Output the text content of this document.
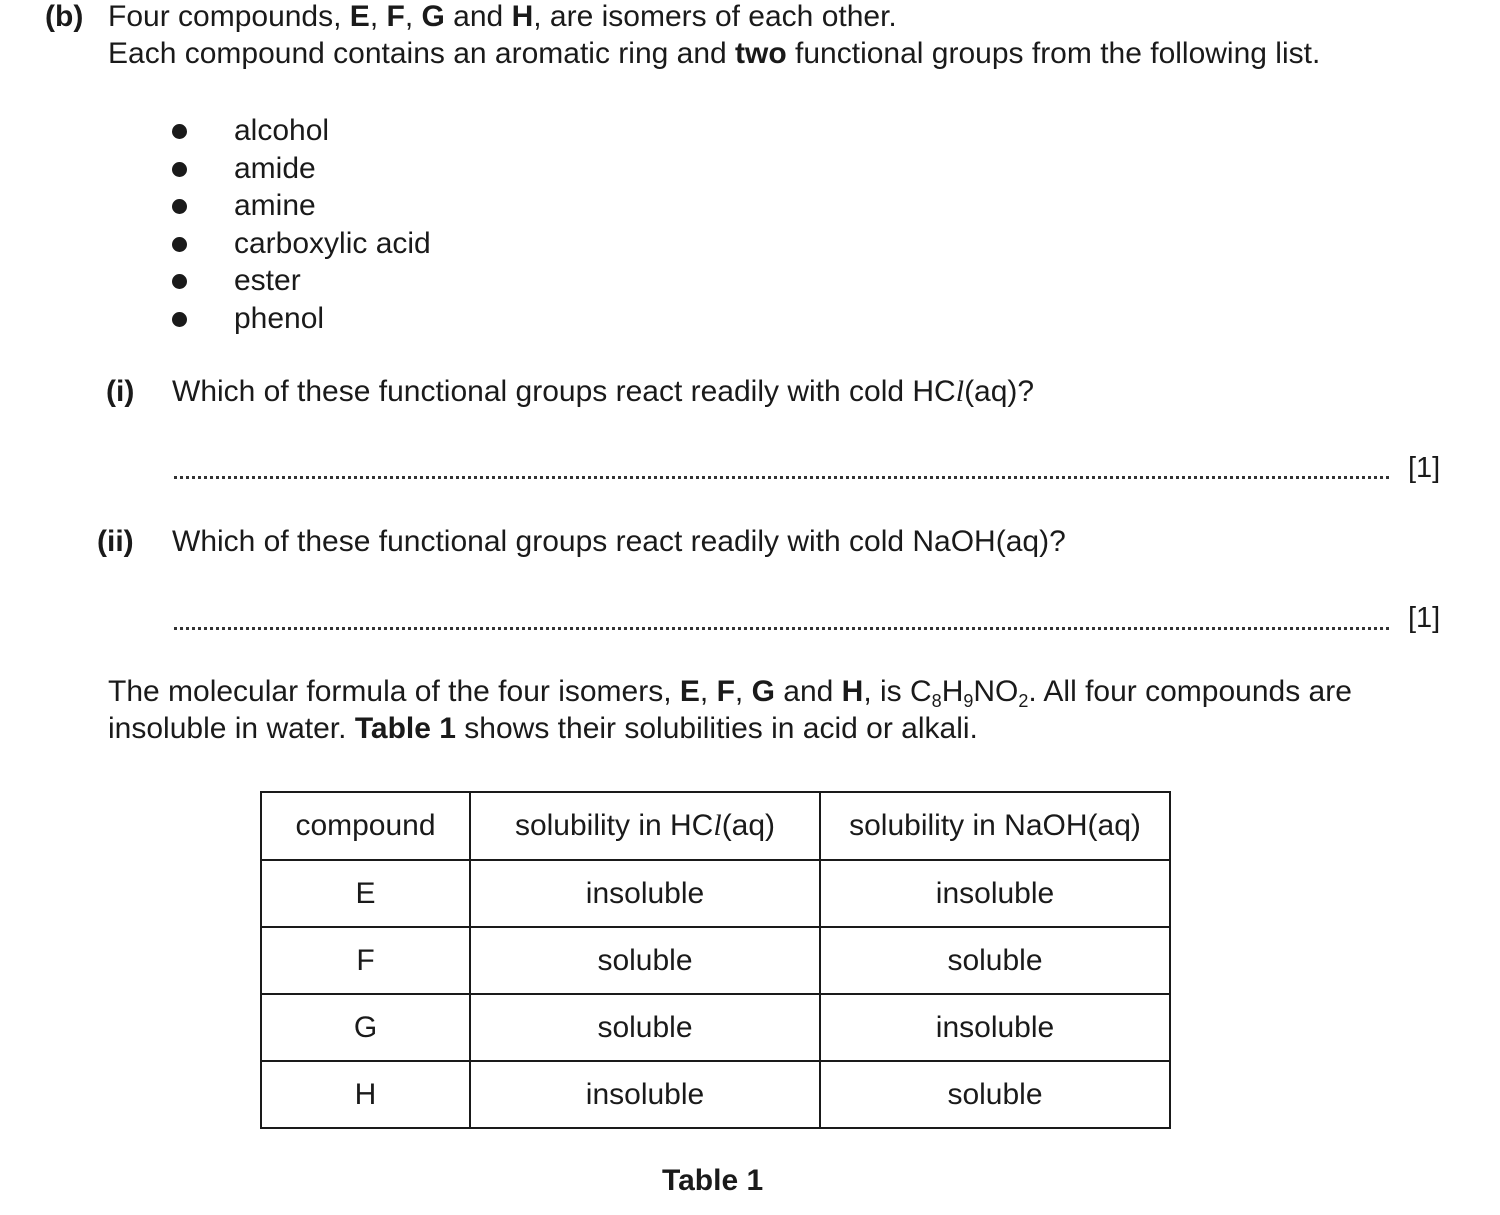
(b) Four compounds, E, F, G and H, are isomers of each other.
Each compound contains an aromatic ring and two functional groups from the following list.
alcohol
amide
amine
carboxylic acid
ester
phenol
(i) Which of these functional groups react readily with cold HCl(aq)?
[1]
(ii) Which of these functional groups react readily with cold NaOH(aq)?
[1]
The molecular formula of the four isomers, E, F, G and H, is $C_8H_9NO_2$. All four compounds are
insoluble in water. Table 1 shows their solubilities in acid or alkali.
compound	solubility in HCl(aq)	solubility in NaOH(aq)
E	insoluble	insoluble
F	soluble	soluble
G	soluble	insoluble
H	insoluble	soluble
Table 1
